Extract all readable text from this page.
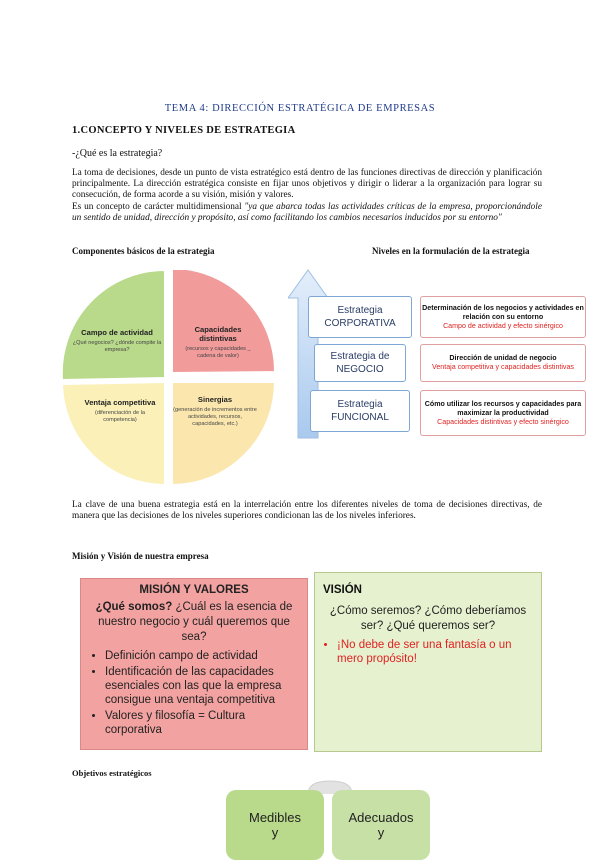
TEMA 4: DIRECCIÓN ESTRATÉGICA DE EMPRESAS
1.CONCEPTO Y NIVELES DE ESTRATEGIA
-¿Qué es la estrategia?
La toma de decisiones, desde un punto de vista estratégico está dentro de las funciones directivas de dirección y planificación principalmente. La dirección estratégica consiste en fijar unos objetivos y dirigir o liderar a la organización para lograr su consecución, de forma acorde a su visión, misión y valores.
Es un concepto de carácter multidimensional "ya que abarca todas las actividades críticas de la empresa, proporcionándole un sentido de unidad, dirección y propósito, así como facilitando los cambios necesarios inducidos por su entorno"
Componentes básicos de la estrategia	Niveles en la formulación de la estrategia
Campo de actividad
¿Qué negocios? ¿dónde compite la empresa?
Capacidades distintivas
(recursos y capacidades _ cadena de valor)
Sinergias
(generación de incrementos entre actividades, recursos, capacidades, etc.)
Ventaja competitiva
(diferenciación de la competencia)
Estrategia
CORPORATIVA
Estrategia de
NEGOCIO
Estrategia
FUNCIONAL
Determinación de los negocios y actividades en relación con su entorno
Campo de actividad y efecto sinérgico
Dirección de unidad de negocio
Ventaja competitiva y capacidades distintivas
Cómo utilizar los recursos y capacidades para maximizar la productividad
Capacidades distintivas y efecto sinérgico
La clave de una buena estrategia está en la interrelación entre los diferentes niveles de toma de decisiones directivas, de manera que las decisiones de los niveles superiores condicionan las de los niveles inferiores.
Misión y Visión de nuestra empresa
MISIÓN Y VALORES
¿Qué somos? ¿Cuál es la esencia de nuestro negocio y cuál queremos que sea?
• Definición campo de actividad
• Identificación de las capacidades esenciales con las que la empresa consigue una ventaja competitiva
• Valores y filosofía = Cultura corporativa
VISIÓN
¿Cómo seremos? ¿Cómo deberíamos ser? ¿Qué queremos ser?
• ¡No debe de ser una fantasía o un mero propósito!
Objetivos estratégicos
Medibles
y
Adecuados
y
